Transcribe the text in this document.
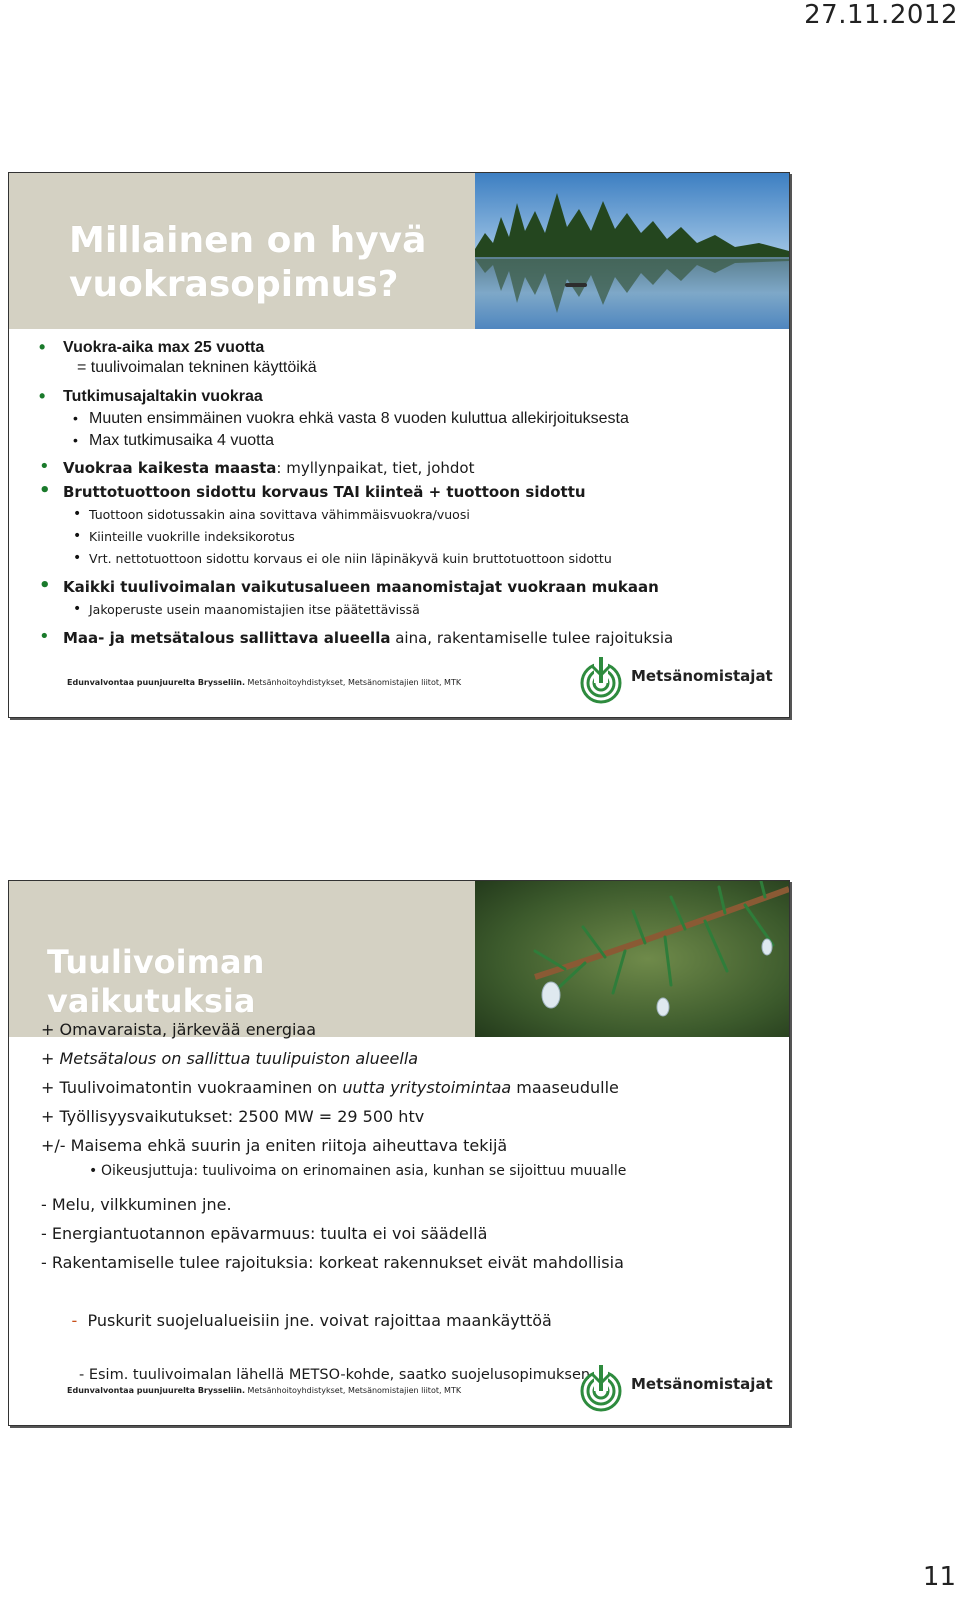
27.11.2012
Millainen on hyvä
vuokrasopimus?

• Vuokra-aika max 25 vuotta

= tuulivoimalan tekninen käyttöikä

• Tutkimusajaltakin vuokraa

• Muuten ensimmäinen vuokra ehkä vasta 8 vuoden kuluttua allekirjoituksesta

• Max tutkimusaika 4 vuotta

• Vuokraa kaikesta maasta: myllynpaikat, tiet, johdot

• Bruttotuottoon sidottu korvaus TAI kiinteä + tuottoon sidottu

• Tuottoon sidotussakin aina sovittava vähimmäisvuokra/vuosi

• Kiinteille vuokrille indeksikorotus

• Vrt. nettotuottoon sidottu korvaus ei ole niin läpinäkyvä kuin bruttotuottoon sidottu

• Kaikki tuulivoimalan vaikutusalueen maanomistajat vuokraan mukaan

• Jakoperuste usein maanomistajien itse päätettävissä

• Maa- ja metsätalous sallittava alueella aina, rakentamiselle tulee rajoituksia

Edunvalvontaa puunjuurelta Brysseliin. Metsänhoitoyhdistykset, Metsänomistajien liitot, MTK	Metsänomistajat
Tuulivoiman
vaikutuksia

+ Omavaraista, järkevää energiaa

+ Metsätalous on sallittua tuulipuiston alueella

+ Tuulivoimatontin vuokraaminen on uutta yritystoimintaa maaseudulle

+ Työllisyysvaikutukset: 2500 MW = 29 500 htv

+/- Maisema ehkä suurin ja eniten riitoja aiheuttava tekijä

• Oikeusjuttuja: tuulivoima on erinomainen asia, kunhan se sijoittuu muualle

- Melu, vilkkuminen jne.

- Energiantuotannon epävarmuus: tuulta ei voi säädellä

- Rakentamiselle tulee rajoituksia: korkeat rakennukset eivät mahdollisia

-  Puskurit suojelualueisiin jne. voivat rajoittaa maankäyttöä

- Esim. tuulivoimalan lähellä METSO-kohde, saatko suojelusopimuksen

Edunvalvontaa puunjuurelta Brysseliin. Metsänhoitoyhdistykset, Metsänomistajien liitot, MTK	Metsänomistajat
11
